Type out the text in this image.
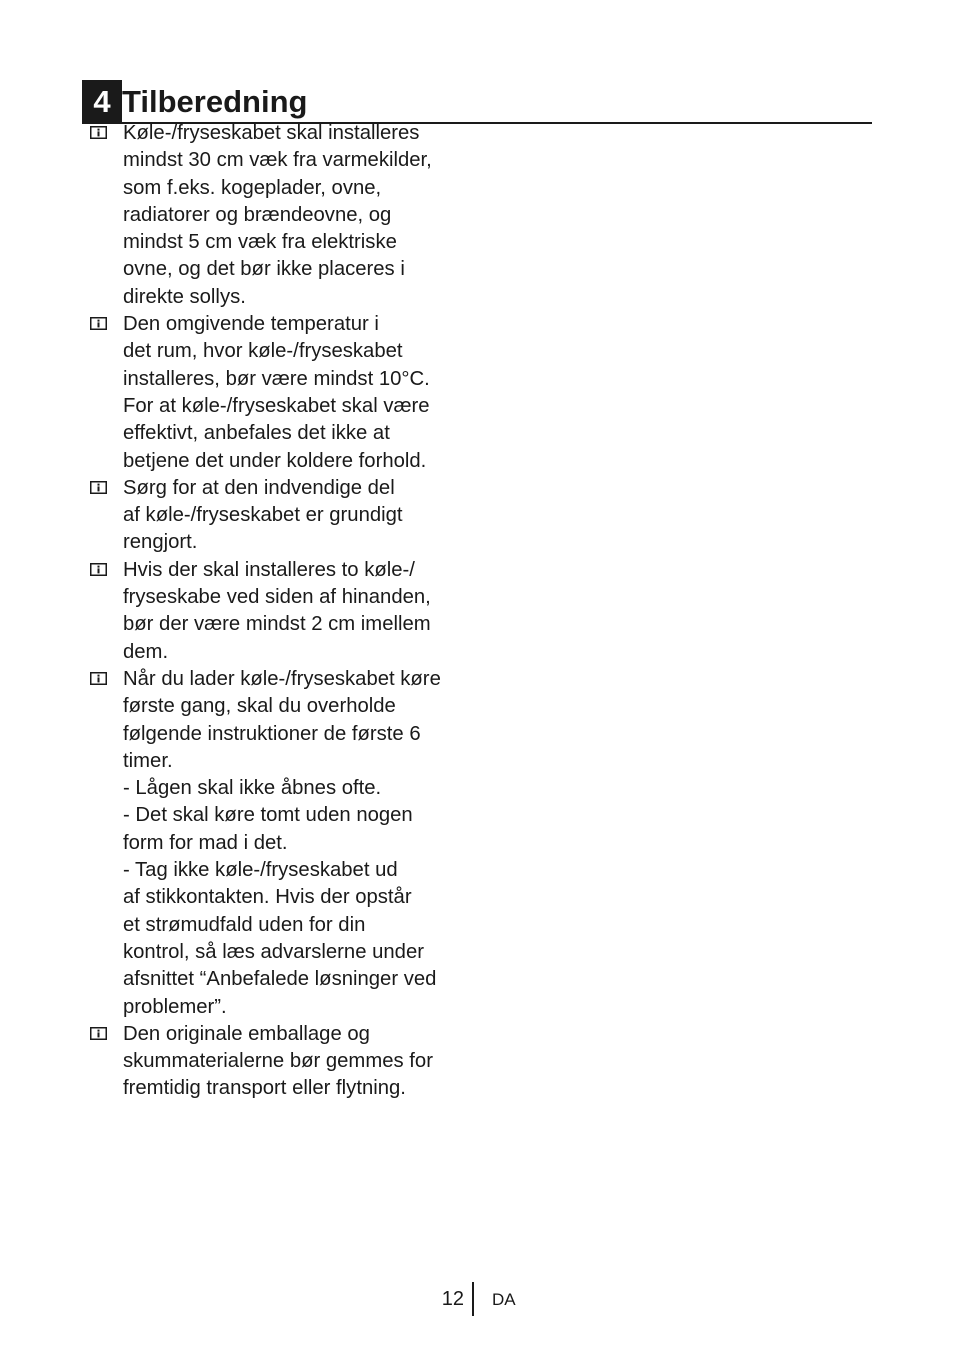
4 Tilberedning
Køle-/fryseskabet skal installeres
mindst 30 cm væk fra varmekilder,
som f.eks. kogeplader, ovne,
radiatorer og brændeovne, og
mindst 5 cm væk fra elektriske
ovne, og det bør ikke placeres i
direkte sollys.
Den omgivende temperatur i
det rum, hvor køle-/fryseskabet
installeres, bør være mindst 10°C.
For at køle-/fryseskabet skal være
effektivt, anbefales det ikke at
betjene det under koldere forhold.
Sørg for at den indvendige del
af køle-/fryseskabet er grundigt
rengjort.
Hvis der skal installeres to køle-/
fryseskabe ved siden af hinanden,
bør der være mindst 2 cm imellem
dem.
Når du lader køle-/fryseskabet køre
første gang, skal du overholde
følgende instruktioner de første 6
timer.
- Lågen skal ikke åbnes ofte.
- Det skal køre tomt uden nogen
form for mad i det.
- Tag ikke køle-/fryseskabet ud
af stikkontakten. Hvis der opstår
et strømudfald uden for din
kontrol, så læs advarslerne under
afsnittet “Anbefalede løsninger ved
problemer”.
Den originale emballage og
skummaterialerne bør gemmes for
fremtidig transport eller flytning.
12 DA
